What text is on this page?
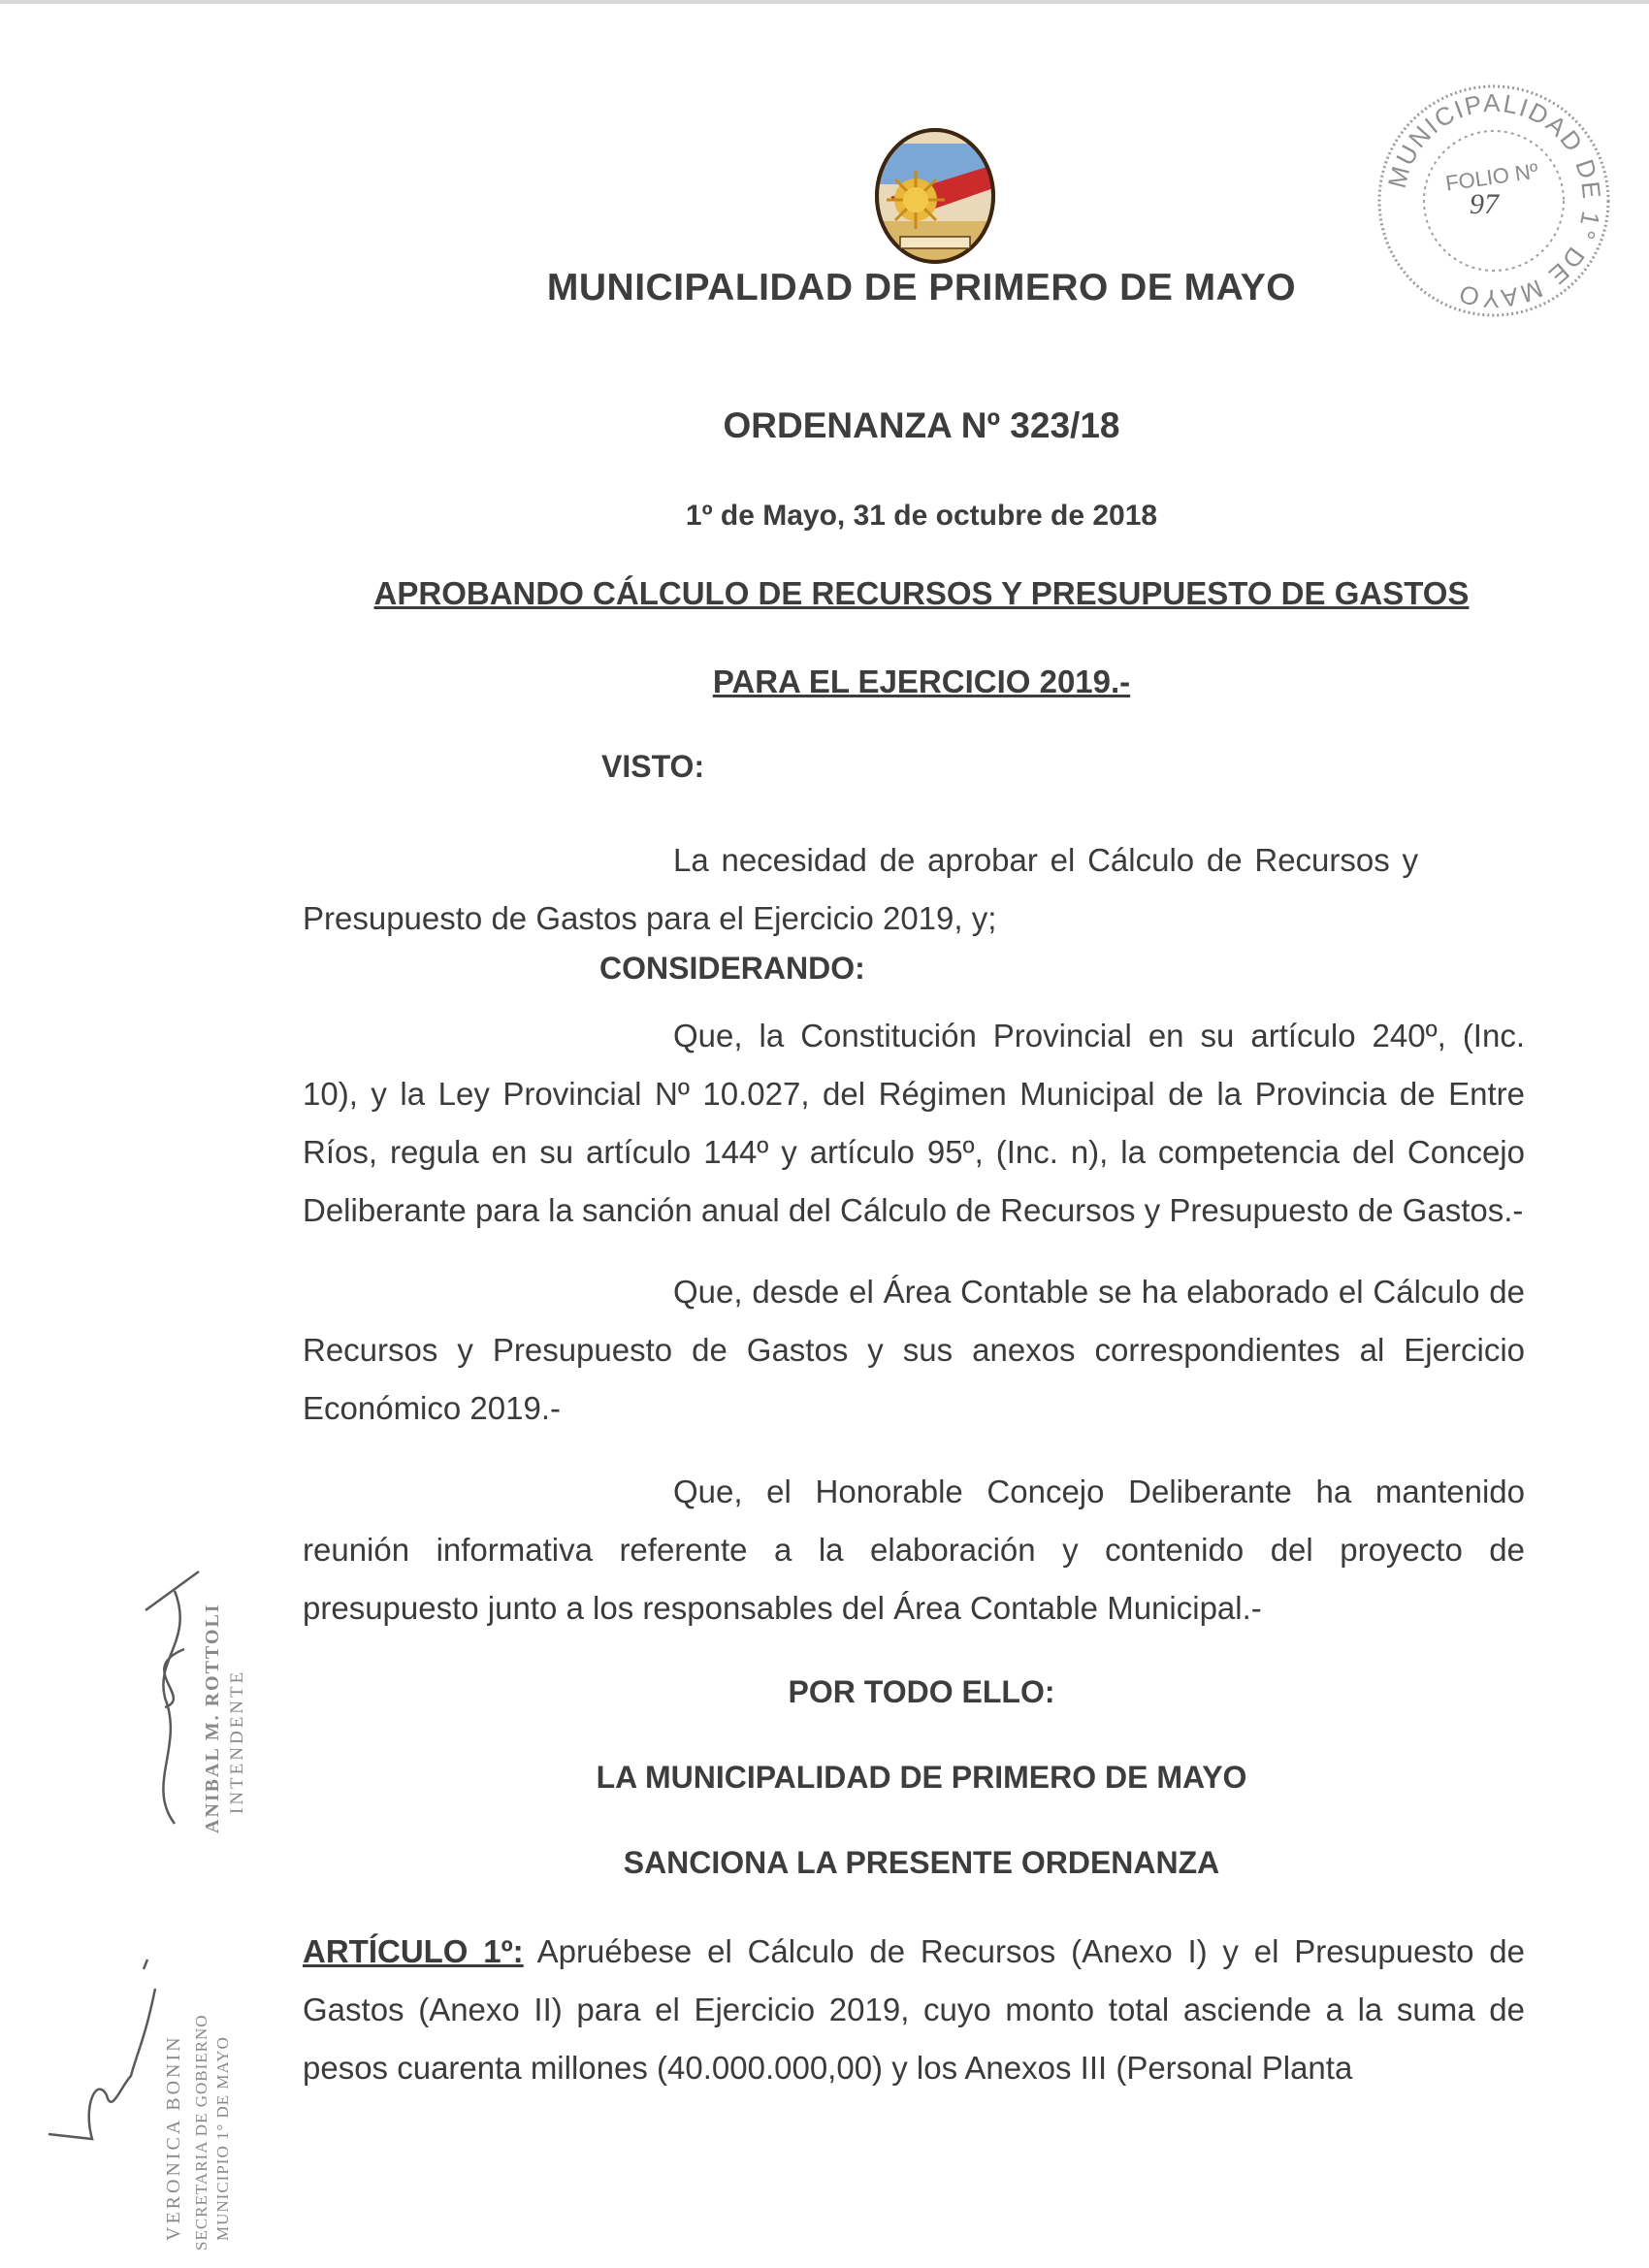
MUNICIPALIDAD DE PRIMERO DE MAYO
MUNICIPALIDAD DE 1° DE MAYO
FOLIO Nº
97
ORDENANZA Nº 323/18
1º de Mayo, 31 de octubre de 2018
APROBANDO CÁLCULO DE RECURSOS Y PRESUPUESTO DE GASTOS
PARA EL EJERCICIO 2019.-
VISTO:
La necesidad de aprobar el Cálculo de Recursos y Presupuesto de Gastos para el Ejercicio 2019, y;
CONSIDERANDO:
Que, la Constitución Provincial en su artículo 240º, (Inc. 10), y la Ley Provincial Nº 10.027, del Régimen Municipal de la Provincia de Entre Ríos, regula en su artículo 144º y artículo 95º, (Inc. n), la competencia del Concejo Deliberante para la sanción anual del Cálculo de Recursos y Presupuesto de Gastos.-
Que, desde el Área Contable se ha elaborado el Cálculo de Recursos y Presupuesto de Gastos y sus anexos correspondientes al Ejercicio Económico 2019.-
Que, el Honorable Concejo Deliberante ha mantenido reunión informativa referente a la elaboración y contenido del proyecto de presupuesto junto a los responsables del Área Contable Municipal.-
POR TODO ELLO:
LA MUNICIPALIDAD DE PRIMERO DE MAYO
SANCIONA LA PRESENTE ORDENANZA
ARTÍCULO 1º: Apruébese el Cálculo de Recursos (Anexo I) y el Presupuesto de Gastos (Anexo II) para el Ejercicio 2019, cuyo monto total asciende a la suma de pesos cuarenta millones (40.000.000,00) y los Anexos III (Personal Planta
ANIBAL M. ROTTOLI INTENDENTE
VERONICA BONIN SECRETARIA DE GOBIERNO MUNICIPIO 1° DE MAYO
